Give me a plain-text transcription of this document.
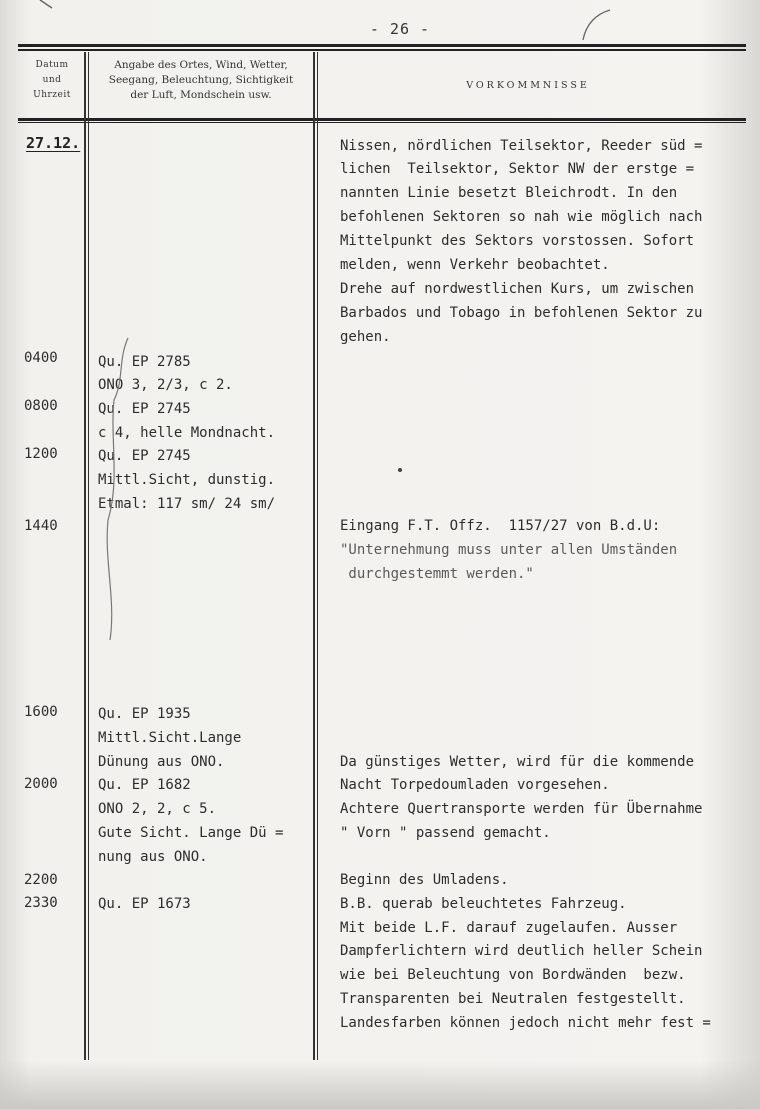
- 26 -
Datum
und
Uhrzeit
Angabe des Ortes, Wind, Wetter,
Seegang, Beleuchtung, Sichtigkeit
der Luft, Mondschein usw.
VORKOMMNISSE
27.12.
0400
0800
1200
1440
1600
2000
2200
2330
Qu. EP 2785
ONO 3, 2/3, c 2.
Qu. EP 2745
c 4, helle Mondnacht.
Qu. EP 2745
Mittl.Sicht, dunstig.
Etmal: 117 sm/ 24 sm/
Qu. EP 1935
Mittl.Sicht.Lange
Dünung aus ONO.
Qu. EP 1682
ONO 2, 2, c 5.
Gute Sicht. Lange Dü =
nung aus ONO.
Qu. EP 1673
Nissen, nördlichen Teilsektor, Reeder süd =
lichen  Teilsektor, Sektor NW der erstge =
nannten Linie besetzt Bleichrodt. In den
befohlenen Sektoren so nah wie möglich nach
Mittelpunkt des Sektors vorstossen. Sofort
melden, wenn Verkehr beobachtet.
Drehe auf nordwestlichen Kurs, um zwischen
Barbados und Tobago in befohlenen Sektor zu
gehen.
Eingang F.T. Offz.  1157/27 von B.d.U:
"Unternehmung muss unter allen Umständen
durchgestemmt werden."
Da günstiges Wetter, wird für die kommende
Nacht Torpedoumladen vorgesehen.
Achtere Quertransporte werden für Übernahme
" Vorn " passend gemacht.
Beginn des Umladens.
B.B. querab beleuchtetes Fahrzeug.
Mit beide L.F. darauf zugelaufen. Ausser
Dampferlichtern wird deutlich heller Schein
wie bei Beleuchtung von Bordwänden  bezw.
Transparenten bei Neutralen festgestellt.
Landesfarben können jedoch nicht mehr fest =
